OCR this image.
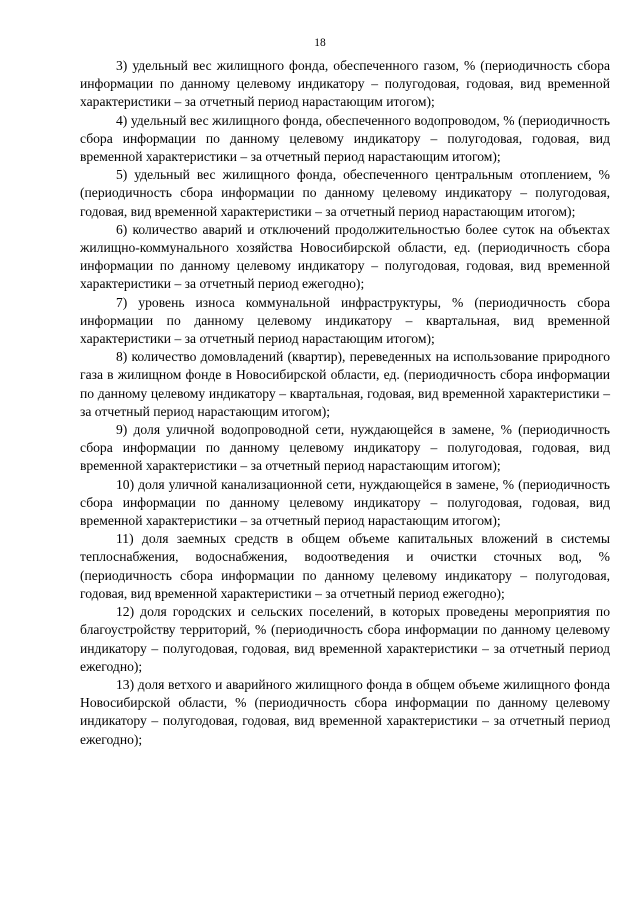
18

3) удельный вес жилищного фонда, обеспеченного газом, % (периодичность сбора информации по данному целевому индикатору – полугодовая, годовая, вид временной характеристики – за отчетный период нарастающим итогом);

4) удельный вес жилищного фонда, обеспеченного водопроводом, % (периодичность сбора информации по данному целевому индикатору – полугодовая, годовая, вид временной характеристики – за отчетный период нарастающим итогом);

5) удельный вес жилищного фонда, обеспеченного центральным отоплением, % (периодичность сбора информации по данному целевому индикатору – полугодовая, годовая, вид временной характеристики – за отчетный период нарастающим итогом);

6) количество аварий и отключений продолжительностью более суток на объектах жилищно-коммунального хозяйства Новосибирской области, ед. (периодичность сбора информации по данному целевому индикатору – полугодовая, годовая, вид временной характеристики – за отчетный период ежегодно);

7) уровень износа коммунальной инфраструктуры, % (периодичность сбора информации по данному целевому индикатору – квартальная, вид временной характеристики – за отчетный период нарастающим итогом);

8) количество домовладений (квартир), переведенных на использование природного газа в жилищном фонде в Новосибирской области, ед. (периодичность сбора информации по данному целевому индикатору – квартальная, годовая, вид временной характеристики – за отчетный период нарастающим итогом);

9) доля уличной водопроводной сети, нуждающейся в замене, % (периодичность сбора информации по данному целевому индикатору – полугодовая, годовая, вид временной характеристики – за отчетный период нарастающим итогом);

10) доля уличной канализационной сети, нуждающейся в замене, % (периодичность сбора информации по данному целевому индикатору – полугодовая, годовая, вид временной характеристики – за отчетный период нарастающим итогом);

11) доля заемных средств в общем объеме капитальных вложений в системы теплоснабжения, водоснабжения, водоотведения и очистки сточных вод, % (периодичность сбора информации по данному целевому индикатору – полугодовая, годовая, вид временной характеристики – за отчетный период ежегодно);

12) доля городских и сельских поселений, в которых проведены мероприятия по благоустройству территорий, % (периодичность сбора информации по данному целевому индикатору – полугодовая, годовая, вид временной характеристики – за отчетный период ежегодно);

13) доля ветхого и аварийного жилищного фонда в общем объеме жилищного фонда Новосибирской области, % (периодичность сбора информации по данному целевому индикатору – полугодовая, годовая, вид временной характеристики – за отчетный период ежегодно);
